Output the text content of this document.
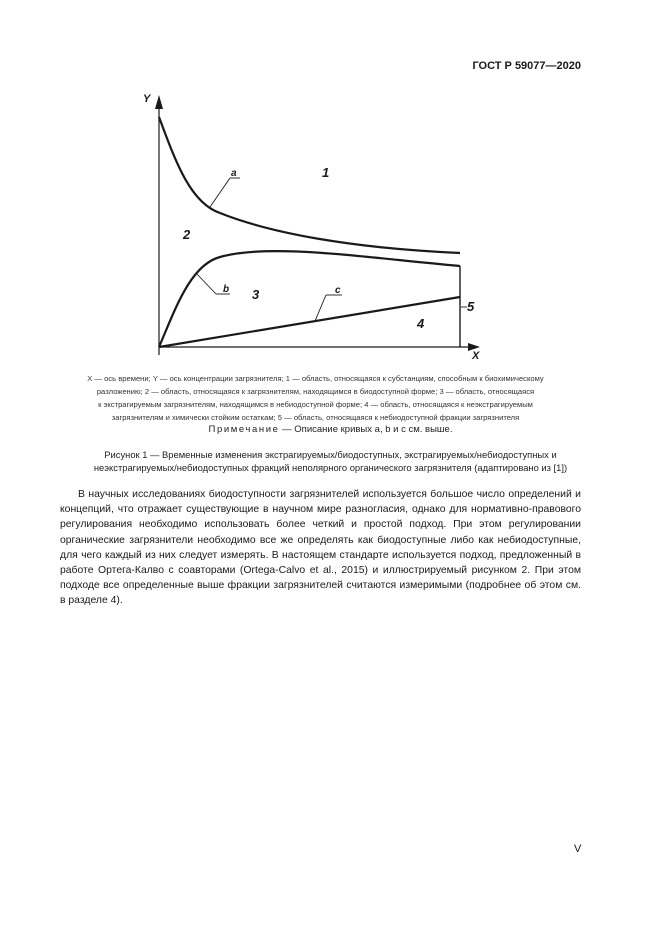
ГОСТ Р 59077—2020
Y
X
a
b	c
1
2
3
4
5
X — ось времени; Y — ось концентрации загрязнителя; 1 — область, относящаяся к субстанциям, способным к биохимическому
разложению; 2 — область, относящаяся к загрязнителям, находящимся в биодоступной форме; 3 — область, относящаяся
к экстрагируемым загрязнителям, находящимся в небиодоступной форме; 4 — область, относящаяся к неэкстрагируемым
загрязнителям и химически стойким остаткам; 5 — область, относящаяся к небиодоступной фракции загрязнителя
Примечание — Описание кривых a, b и c см. выше.
Рисунок 1 — Временные изменения экстрагируемых/биодоступных, экстрагируемых/небиодоступных и
неэкстрагируемых/небиодоступных фракций неполярного органического загрязнителя (адаптировано из [1])

В научных исследованиях биодоступности загрязнителей используется большое число определений и концепций, что отражает существующие в научном мире разногласия, однако для нормативно-правового регулирования необходимо использовать более четкий и простой подход. При этом регулировании органические загрязнители необходимо все же определять как биодоступные либо как небиодоступные, для чего каждый из них следует измерять. В настоящем стандарте используется подход, предложенный в работе Ортега-Калво с соавторами (Ortega-Calvo et al., 2015) и иллюстрируемый рисунком 2. При этом подходе все определенные выше фракции загрязнителей считаются измеримыми (подробнее об этом см. в разделе 4).

V
